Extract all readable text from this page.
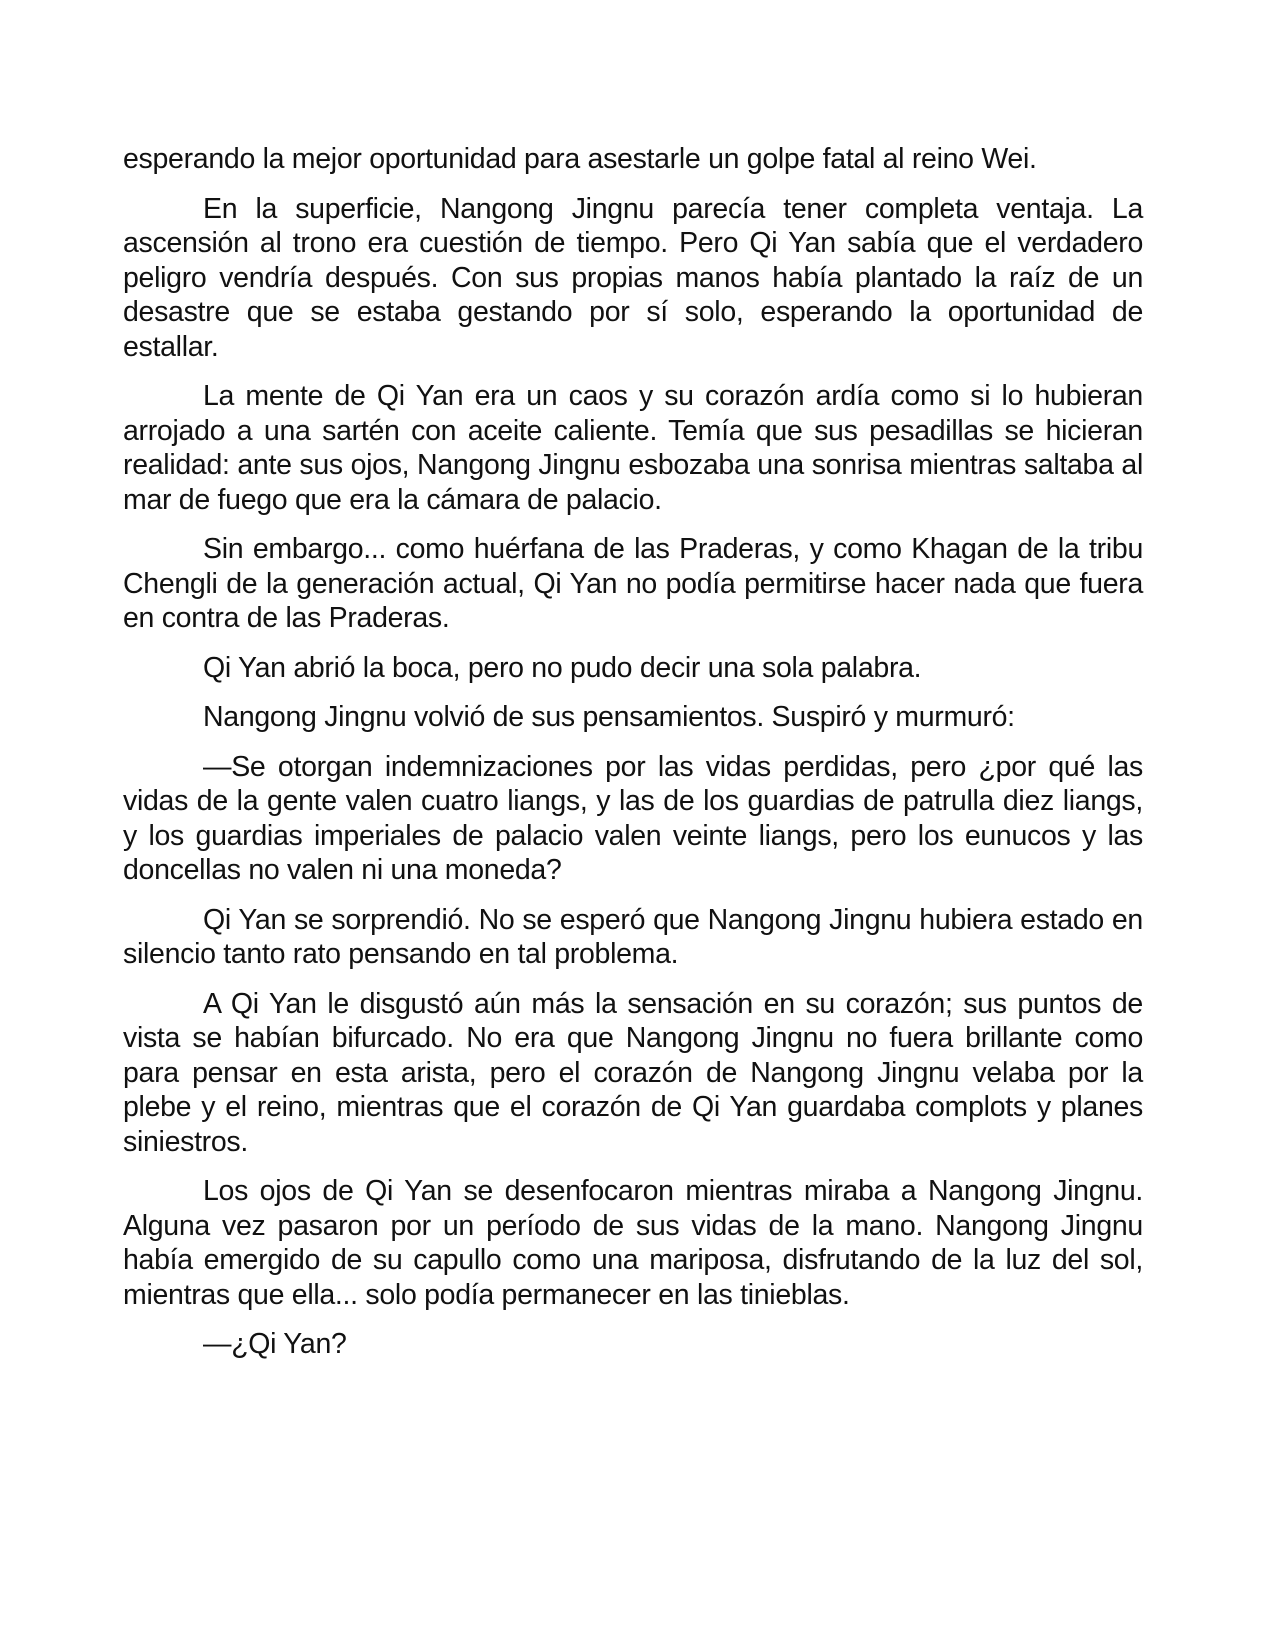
esperando la mejor oportunidad para asestarle un golpe fatal al reino Wei.

En la superficie, Nangong Jingnu parecía tener completa ventaja. La ascensión al trono era cuestión de tiempo. Pero Qi Yan sabía que el verdadero peligro vendría después. Con sus propias manos había plantado la raíz de un desastre que se estaba gestando por sí solo, esperando la oportunidad de estallar.

La mente de Qi Yan era un caos y su corazón ardía como si lo hubieran arrojado a una sartén con aceite caliente. Temía que sus pesadillas se hicieran realidad: ante sus ojos, Nangong Jingnu esbozaba una sonrisa mientras saltaba al mar de fuego que era la cámara de palacio.

Sin embargo... como huérfana de las Praderas, y como Khagan de la tribu Chengli de la generación actual, Qi Yan no podía permitirse hacer nada que fuera en contra de las Praderas.

Qi Yan abrió la boca, pero no pudo decir una sola palabra.

Nangong Jingnu volvió de sus pensamientos. Suspiró y murmuró:

—Se otorgan indemnizaciones por las vidas perdidas, pero ¿por qué las vidas de la gente valen cuatro liangs, y las de los guardias de patrulla diez liangs, y los guardias imperiales de palacio valen veinte liangs, pero los eunucos y las doncellas no valen ni una moneda?

Qi Yan se sorprendió. No se esperó que Nangong Jingnu hubiera estado en silencio tanto rato pensando en tal problema.

A Qi Yan le disgustó aún más la sensación en su corazón; sus puntos de vista se habían bifurcado. No era que Nangong Jingnu no fuera brillante como para pensar en esta arista, pero el corazón de Nangong Jingnu velaba por la plebe y el reino, mientras que el corazón de Qi Yan guardaba complots y planes siniestros.

Los ojos de Qi Yan se desenfocaron mientras miraba a Nangong Jingnu. Alguna vez pasaron por un período de sus vidas de la mano. Nangong Jingnu había emergido de su capullo como una mariposa, disfrutando de la luz del sol, mientras que ella... solo podía permanecer en las tinieblas.

—¿Qi Yan?
